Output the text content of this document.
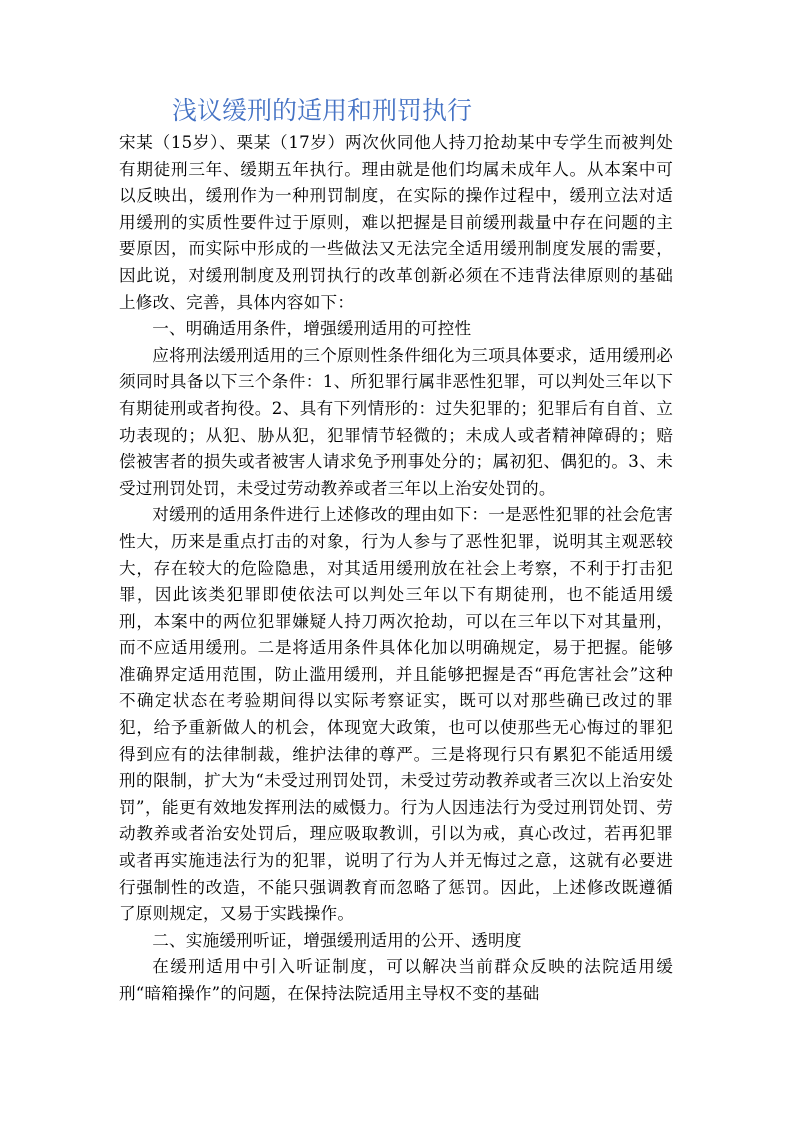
浅议缓刑的适用和刑罚执行

宋某（15岁）、栗某（17岁）两次伙同他人持刀抢劫某中专学生而被判处有期徒刑三年、缓期五年执行。理由就是他们均属未成年人。从本案中可以反映出，缓刑作为一种刑罚制度，在实际的操作过程中，缓刑立法对适用缓刑的实质性要件过于原则，难以把握是目前缓刑裁量中存在问题的主要原因，而实际中形成的一些做法又无法完全适用缓刑制度发展的需要，因此说，对缓刑制度及刑罚执行的改革创新必须在不违背法律原则的基础上修改、完善，具体内容如下：

一、明确适用条件，增强缓刑适用的可控性

应将刑法缓刑适用的三个原则性条件细化为三项具体要求，适用缓刑必须同时具备以下三个条件：1、所犯罪行属非恶性犯罪，可以判处三年以下有期徒刑或者拘役。2、具有下列情形的：过失犯罪的；犯罪后有自首、立功表现的；从犯、胁从犯，犯罪情节轻微的；未成人或者精神障碍的；赔偿被害者的损失或者被害人请求免予刑事处分的；属初犯、偶犯的。3、未受过刑罚处罚，未受过劳动教养或者三年以上治安处罚的。

对缓刑的适用条件进行上述修改的理由如下：一是恶性犯罪的社会危害性大，历来是重点打击的对象，行为人参与了恶性犯罪，说明其主观恶较大，存在较大的危险隐患，对其适用缓刑放在社会上考察，不利于打击犯罪，因此该类犯罪即使依法可以判处三年以下有期徒刑，也不能适用缓刑，本案中的两位犯罪嫌疑人持刀两次抢劫，可以在三年以下对其量刑，而不应适用缓刑。二是将适用条件具体化加以明确规定，易于把握。能够准确界定适用范围，防止滥用缓刑，并且能够把握是否“再危害社会”这种不确定状态在考验期间得以实际考察证实，既可以对那些确已改过的罪犯，给予重新做人的机会，体现宽大政策，也可以使那些无心悔过的罪犯得到应有的法律制裁，维护法律的尊严。三是将现行只有累犯不能适用缓刑的限制，扩大为“未受过刑罚处罚，未受过劳动教养或者三次以上治安处罚”，能更有效地发挥刑法的威慑力。行为人因违法行为受过刑罚处罚、劳动教养或者治安处罚后，理应吸取教训，引以为戒，真心改过，若再犯罪或者再实施违法行为的犯罪，说明了行为人并无悔过之意，这就有必要进行强制性的改造，不能只强调教育而忽略了惩罚。因此，上述修改既遵循了原则规定，又易于实践操作。

二、实施缓刑听证，增强缓刑适用的公开、透明度

在缓刑适用中引入听证制度，可以解决当前群众反映的法院适用缓刑“暗箱操作”的问题，在保持法院适用主导权不变的基础
